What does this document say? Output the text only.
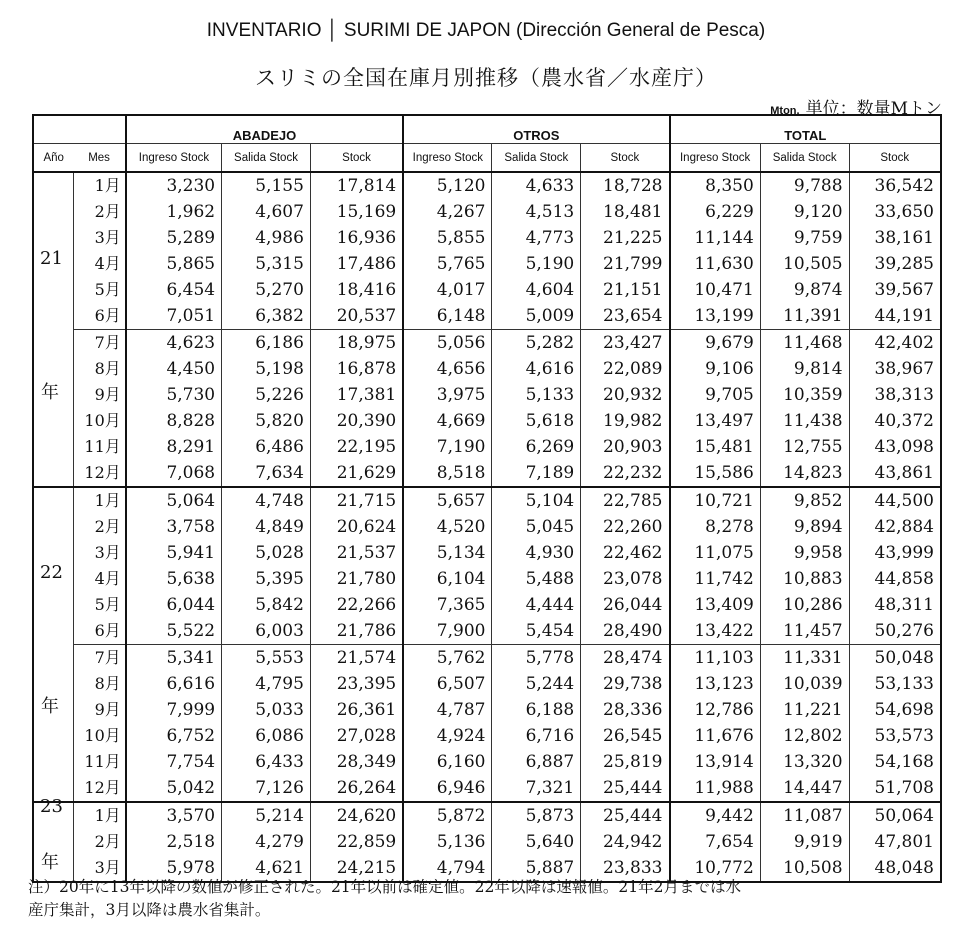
INVENTARIO │ SURIMI DE JAPON (Dirección General de Pesca)
スリミの全国在庫月別推移（農水省／水産庁）
Mton. 単位：数量Mトン
		ABADEJO			OTROS			TOTAL		
Año	Mes	Ingreso Stock	Salida Stock	Stock	Ingreso Stock	Salida Stock	Stock	Ingreso Stock	Salida Stock	Stock
	1月	3,230	5,155	17,814	5,120	4,633	18,728	8,350	9,788	36,542
	2月	1,962	4,607	15,169	4,267	4,513	18,481	6,229	9,120	33,650
	3月	5,289	4,986	16,936	5,855	4,773	21,225	11,144	9,759	38,161
	4月	5,865	5,315	17,486	5,765	5,190	21,799	11,630	10,505	39,285
	5月	6,454	5,270	18,416	4,017	4,604	21,151	10,471	9,874	39,567
	6月	7,051	6,382	20,537	6,148	5,009	23,654	13,199	11,391	44,191
	7月	4,623	6,186	18,975	5,056	5,282	23,427	9,679	11,468	42,402
	8月	4,450	5,198	16,878	4,656	4,616	22,089	9,106	9,814	38,967
	9月	5,730	5,226	17,381	3,975	5,133	20,932	9,705	10,359	38,313
	10月	8,828	5,820	20,390	4,669	5,618	19,982	13,497	11,438	40,372
	11月	8,291	6,486	22,195	7,190	6,269	20,903	15,481	12,755	43,098
	12月	7,068	7,634	21,629	8,518	7,189	22,232	15,586	14,823	43,861
	1月	5,064	4,748	21,715	5,657	5,104	22,785	10,721	9,852	44,500
	2月	3,758	4,849	20,624	4,520	5,045	22,260	8,278	9,894	42,884
	3月	5,941	5,028	21,537	5,134	4,930	22,462	11,075	9,958	43,999
	4月	5,638	5,395	21,780	6,104	5,488	23,078	11,742	10,883	44,858
	5月	6,044	5,842	22,266	7,365	4,444	26,044	13,409	10,286	48,311
	6月	5,522	6,003	21,786	7,900	5,454	28,490	13,422	11,457	50,276
	7月	5,341	5,553	21,574	5,762	5,778	28,474	11,103	11,331	50,048
	8月	6,616	4,795	23,395	6,507	5,244	29,738	13,123	10,039	53,133
	9月	7,999	5,033	26,361	4,787	6,188	28,336	12,786	11,221	54,698
	10月	6,752	6,086	27,028	4,924	6,716	26,545	11,676	12,802	53,573
	11月	7,754	6,433	28,349	6,160	6,887	25,819	13,914	13,320	54,168
	12月	5,042	7,126	26,264	6,946	7,321	25,444	11,988	14,447	51,708
	1月	3,570	5,214	24,620	5,872	5,873	25,444	9,442	11,087	50,064
	2月	2,518	4,279	22,859	5,136	5,640	24,942	7,654	9,919	47,801
	3月	5,978	4,621	24,215	4,794	5,887	23,833	10,772	10,508	48,048
21
年
22
年
23
年
注）20年に13年以降の数値が修正された。21年以前は確定値。22年以降は速報値。21年2月までは水
産庁集計，3月以降は農水省集計。
